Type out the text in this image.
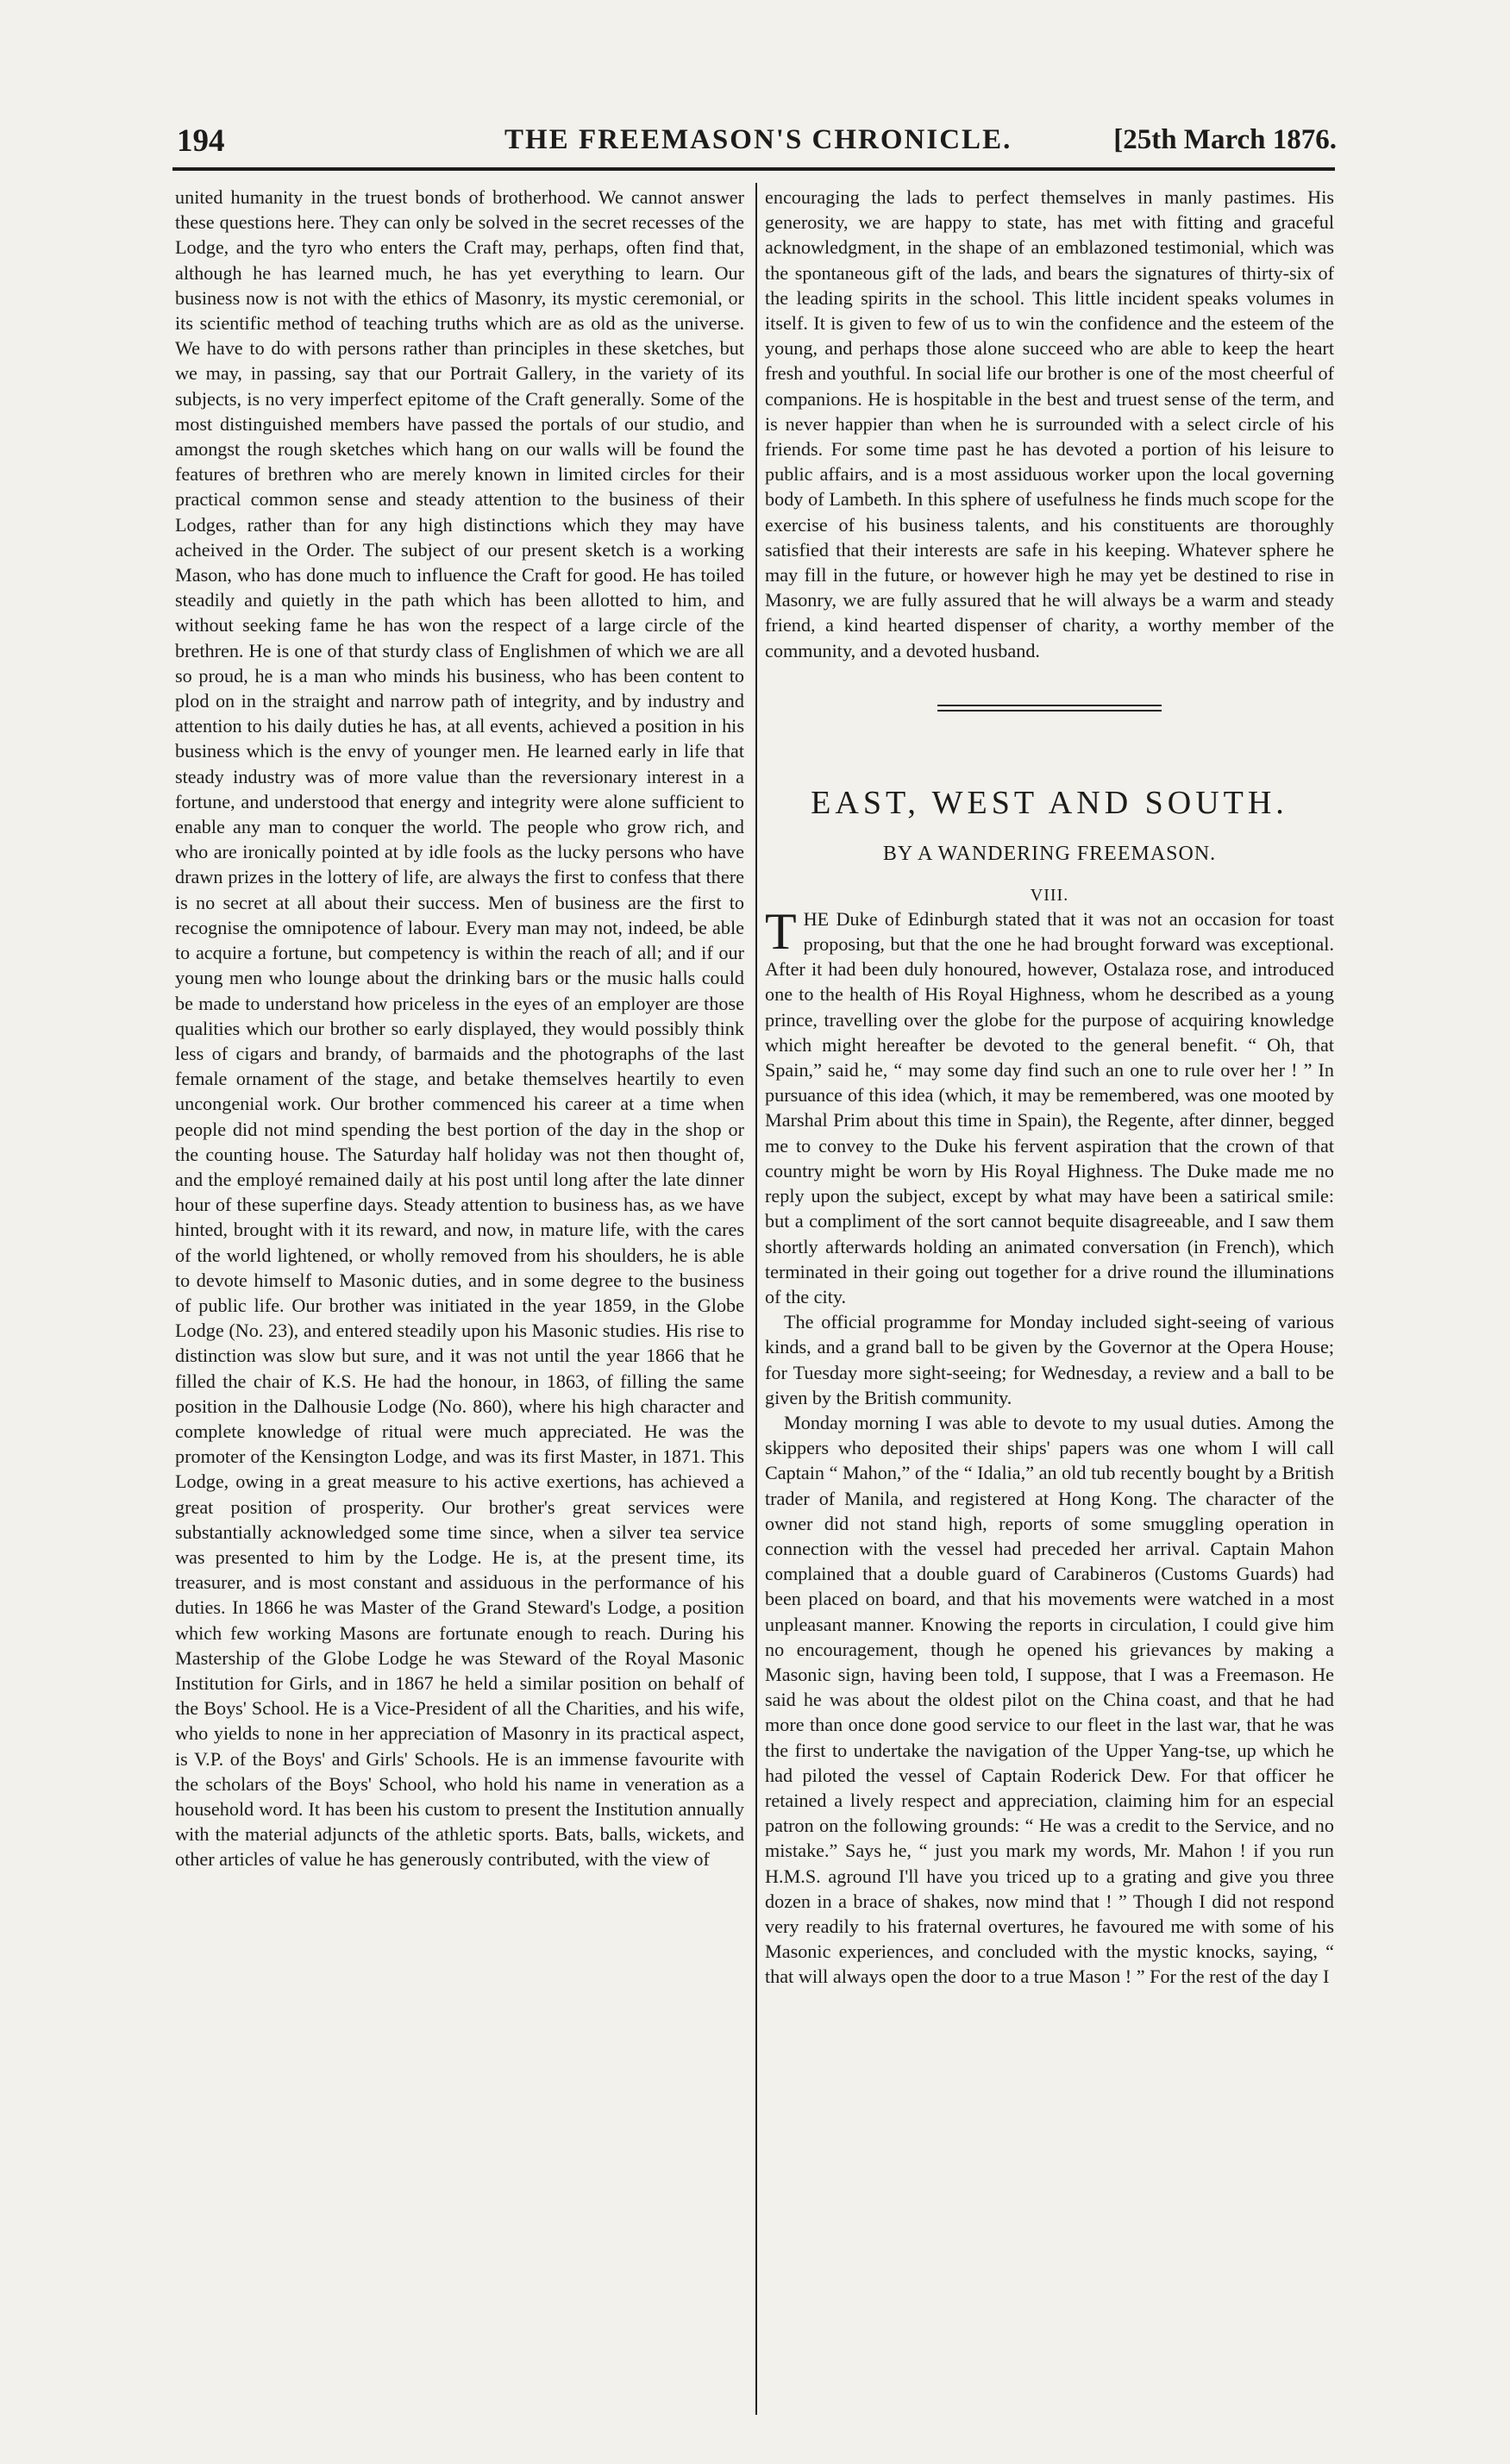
194	THE FREEMASON'S CHRONICLE.	[25th March 1876.

united humanity in the truest bonds of brotherhood. We cannot answer these questions here. They can only be solved in the secret recesses of the Lodge, and the tyro who enters the Craft may, perhaps, often find that, although he has learned much, he has yet everything to learn. Our business now is not with the ethics of Masonry, its mystic ceremonial, or its scientific method of teaching truths which are as old as the universe. We have to do with persons rather than principles in these sketches, but we may, in passing, say that our Portrait Gallery, in the variety of its subjects, is no very imperfect epitome of the Craft generally. Some of the most distinguished members have passed the portals of our studio, and amongst the rough sketches which hang on our walls will be found the features of brethren who are merely known in limited circles for their practical common sense and steady attention to the business of their Lodges, rather than for any high distinctions which they may have acheived in the Order. The subject of our present sketch is a working Mason, who has done much to influence the Craft for good. He has toiled steadily and quietly in the path which has been allotted to him, and without seeking fame he has won the respect of a large circle of the brethren. He is one of that sturdy class of Englishmen of which we are all so proud, he is a man who minds his business, who has been content to plod on in the straight and narrow path of integrity, and by industry and attention to his daily duties he has, at all events, achieved a position in his business which is the envy of younger men. He learned early in life that steady industry was of more value than the reversionary interest in a fortune, and understood that energy and integrity were alone sufficient to enable any man to conquer the world. The people who grow rich, and who are ironically pointed at by idle fools as the lucky persons who have drawn prizes in the lottery of life, are always the first to confess that there is no secret at all about their success. Men of business are the first to recognise the omnipotence of labour. Every man may not, indeed, be able to acquire a fortune, but competency is within the reach of all; and if our young men who lounge about the drinking bars or the music halls could be made to understand how priceless in the eyes of an employer are those qualities which our brother so early displayed, they would possibly think less of cigars and brandy, of barmaids and the photographs of the last female ornament of the stage, and betake themselves heartily to even uncongenial work. Our brother commenced his career at a time when people did not mind spending the best portion of the day in the shop or the counting house. The Saturday half holiday was not then thought of, and the employé remained daily at his post until long after the late dinner hour of these superfine days. Steady attention to business has, as we have hinted, brought with it its reward, and now, in mature life, with the cares of the world lightened, or wholly removed from his shoulders, he is able to devote himself to Masonic duties, and in some degree to the business of public life. Our brother was initiated in the year 1859, in the Globe Lodge (No. 23), and entered steadily upon his Masonic studies. His rise to distinction was slow but sure, and it was not until the year 1866 that he filled the chair of K.S. He had the honour, in 1863, of filling the same position in the Dalhousie Lodge (No. 860), where his high character and complete knowledge of ritual were much appreciated. He was the promoter of the Kensington Lodge, and was its first Master, in 1871. This Lodge, owing in a great measure to his active exertions, has achieved a great position of prosperity. Our brother's great services were substantially acknowledged some time since, when a silver tea service was presented to him by the Lodge. He is, at the present time, its treasurer, and is most constant and assiduous in the performance of his duties. In 1866 he was Master of the Grand Steward's Lodge, a position which few working Masons are fortunate enough to reach. During his Mastership of the Globe Lodge he was Steward of the Royal Masonic Institution for Girls, and in 1867 he held a similar position on behalf of the Boys' School. He is a Vice-President of all the Charities, and his wife, who yields to none in her appreciation of Masonry in its practical aspect, is V.P. of the Boys' and Girls' Schools. He is an immense favourite with the scholars of the Boys' School, who hold his name in veneration as a household word. It has been his custom to present the Institution annually with the material adjuncts of the athletic sports. Bats, balls, wickets, and other articles of value he has generously contributed, with the view of

encouraging the lads to perfect themselves in manly pastimes. His generosity, we are happy to state, has met with fitting and graceful acknowledgment, in the shape of an emblazoned testimonial, which was the spontaneous gift of the lads, and bears the signatures of thirty-six of the leading spirits in the school. This little incident speaks volumes in itself. It is given to few of us to win the confidence and the esteem of the young, and perhaps those alone succeed who are able to keep the heart fresh and youthful. In social life our brother is one of the most cheerful of companions. He is hospitable in the best and truest sense of the term, and is never happier than when he is surrounded with a select circle of his friends. For some time past he has devoted a portion of his leisure to public affairs, and is a most assiduous worker upon the local governing body of Lambeth. In this sphere of usefulness he finds much scope for the exercise of his business talents, and his constituents are thoroughly satisfied that their interests are safe in his keeping. Whatever sphere he may fill in the future, or however high he may yet be destined to rise in Masonry, we are fully assured that he will always be a warm and steady friend, a kind hearted dispenser of charity, a worthy member of the community, and a devoted husband.

EAST, WEST AND SOUTH.
BY A WANDERING FREEMASON.
VIII.

THE Duke of Edinburgh stated that it was not an occasion for toast proposing, but that the one he had brought forward was exceptional. After it had been duly honoured, however, Ostalaza rose, and introduced one to the health of His Royal Highness, whom he described as a young prince, travelling over the globe for the purpose of acquiring knowledge which might hereafter be devoted to the general benefit. “ Oh, that Spain,” said he, “ may some day find such an one to rule over her ! ” In pursuance of this idea (which, it may be remembered, was one mooted by Marshal Prim about this time in Spain), the Regente, after dinner, begged me to convey to the Duke his fervent aspiration that the crown of that country might be worn by His Royal Highness. The Duke made me no reply upon the subject, except by what may have been a satirical smile: but a compliment of the sort cannot bequite disagreeable, and I saw them shortly afterwards holding an animated conversation (in French), which terminated in their going out together for a drive round the illuminations of the city.

The official programme for Monday included sight-seeing of various kinds, and a grand ball to be given by the Governor at the Opera House; for Tuesday more sight-seeing; for Wednesday, a review and a ball to be given by the British community.

Monday morning I was able to devote to my usual duties. Among the skippers who deposited their ships' papers was one whom I will call Captain “ Mahon,” of the “ Idalia,” an old tub recently bought by a British trader of Manila, and registered at Hong Kong. The character of the owner did not stand high, reports of some smuggling operation in connection with the vessel had preceded her arrival. Captain Mahon complained that a double guard of Carabineros (Customs Guards) had been placed on board, and that his movements were watched in a most unpleasant manner. Knowing the reports in circulation, I could give him no encouragement, though he opened his grievances by making a Masonic sign, having been told, I suppose, that I was a Freemason. He said he was about the oldest pilot on the China coast, and that he had more than once done good service to our fleet in the last war, that he was the first to undertake the navigation of the Upper Yang-tse, up which he had piloted the vessel of Captain Roderick Dew. For that officer he retained a lively respect and appreciation, claiming him for an especial patron on the following grounds: “ He was a credit to the Service, and no mistake.” Says he, “ just you mark my words, Mr. Mahon ! if you run H.M.S. aground I'll have you triced up to a grating and give you three dozen in a brace of shakes, now mind that ! ” Though I did not respond very readily to his fraternal overtures, he favoured me with some of his Masonic experiences, and concluded with the mystic knocks, saying, “ that will always open the door to a true Mason ! ” For the rest of the day I
